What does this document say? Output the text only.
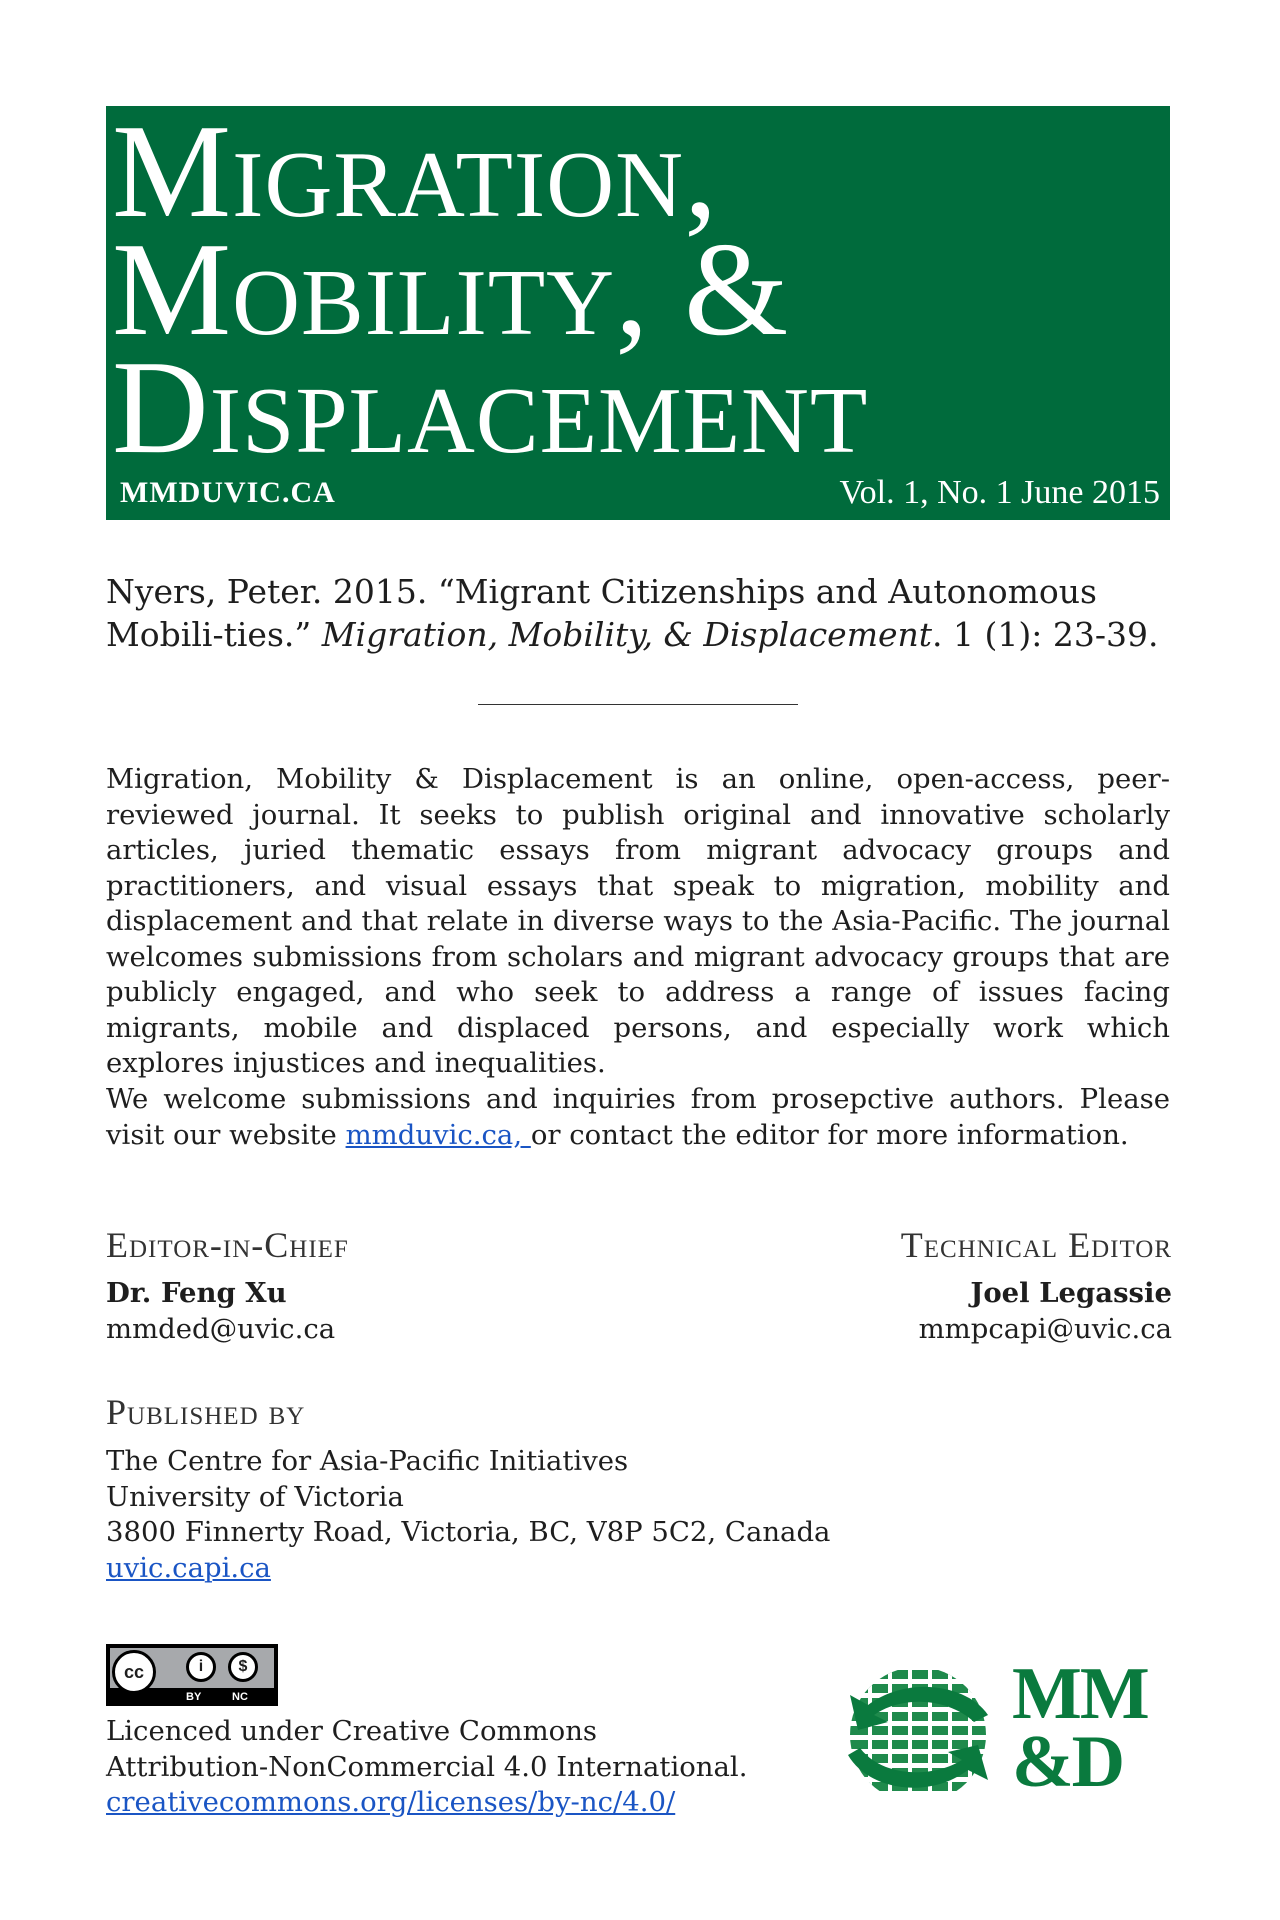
Migration,
Mobility, &
Displacement
MMDUVIC.CA	Vol. 1, No. 1 June 2015
Nyers, Peter. 2015. “Migrant Citizenships and Autonomous Mobili-ties.” Migration, Mobility, & Displacement. 1 (1): 23-39.
Migration, Mobility & Displacement is an online, open-access, peer-reviewed journal. It seeks to publish original and innovative scholarly articles, juried thematic essays from migrant advocacy groups and practitioners, and visual essays that speak to migration, mobility and displacement and that relate in diverse ways to the Asia-Pacific. The journal welcomes submissions from scholars and migrant advocacy groups that are publicly engaged, and who seek to address a range of issues facing migrants, mobile and displaced persons, and especially work which explores injustices and inequalities.
We welcome submissions and inquiries from prosepctive authors. Please visit our website mmduvic.ca, or contact the editor for more information.
Editor-in-Chief	Technical Editor
Dr. Feng Xu
mmded@uvic.ca
Joel Legassie
mmpcapi@uvic.ca
Published by
The Centre for Asia-Pacific Initiatives
University of Victoria
3800 Finnerty Road, Victoria, BC, V8P 5C2, Canada
uvic.capi.ca
cc	i	$
BY	NC
Licenced under Creative Commons
Attribution-NonCommercial 4.0 International.
creativecommons.org/licenses/by-nc/4.0/
MM
&D
